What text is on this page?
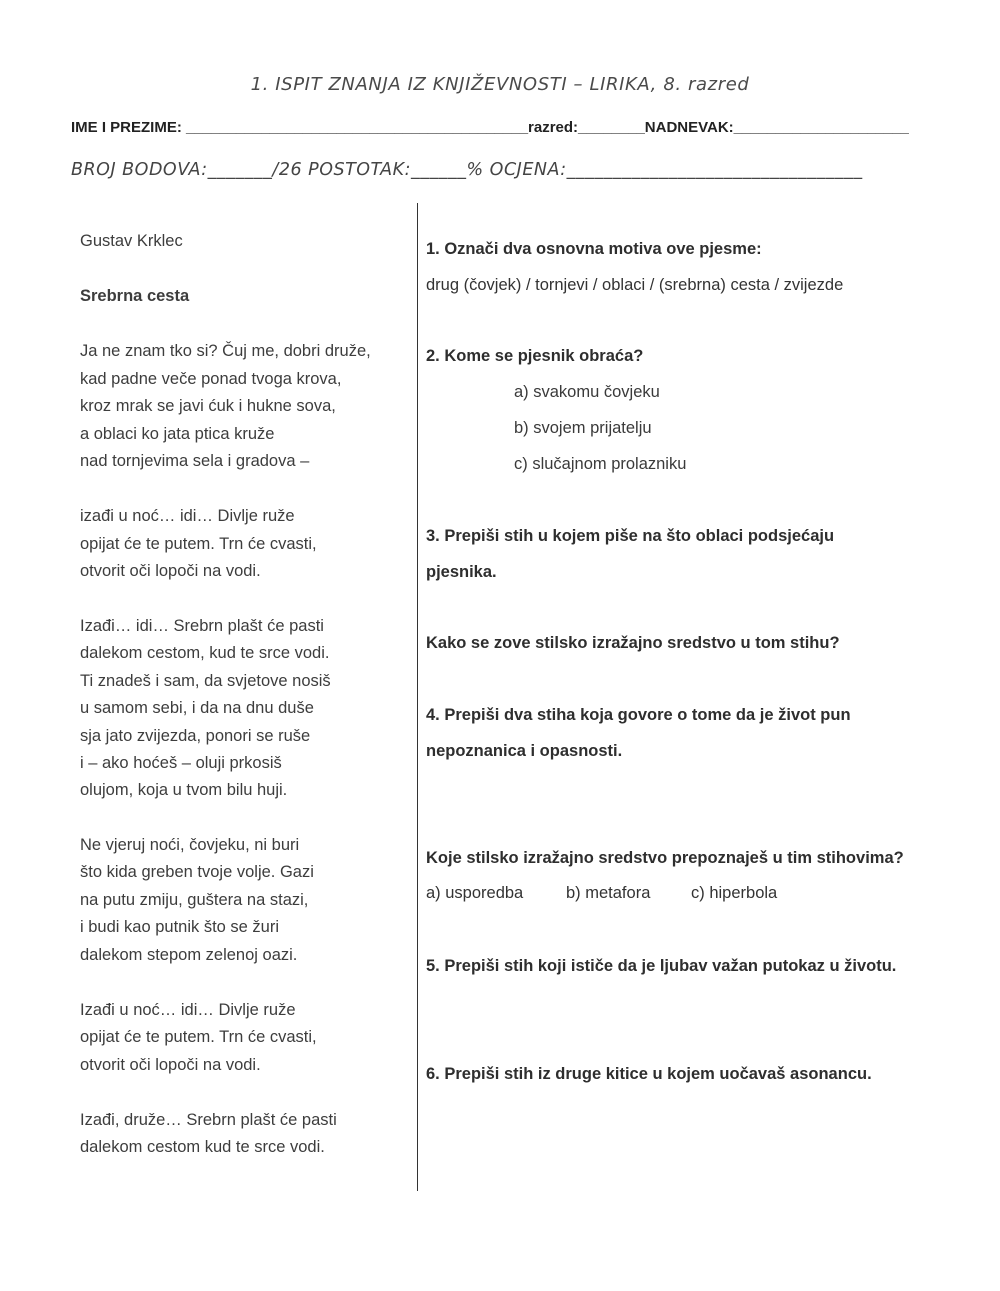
1. ISPIT ZNANJA IZ KNJIŽEVNOSTI – LIRIKA, 8. razred
IME I PREZIME: _________________________________________razred:________NADNEVAK:_____________________
BROJ BODOVA:_______/26 POSTOTAK:______% OCJENA:________________________________
Gustav Krklec
Srebrna cesta
Ja ne znam tko si? Čuj me, dobri druže,
kad padne veče ponad tvoga krova,
kroz mrak se javi ćuk i hukne sova,
a oblaci ko jata ptica kruže
nad tornjevima sela i gradova –
izađi u noć… idi… Divlje ruže
opijat će te putem. Trn će cvasti,
otvorit oči lopoči na vodi.
Izađi… idi… Srebrn plašt će pasti
dalekom cestom, kud te srce vodi.
Ti znadeš i sam, da svjetove nosiš
u samom sebi, i da na dnu duše
sja jato zvijezda, ponori se ruše
i – ako hoćeš – oluji prkosiš
olujom, koja u tvom bilu huji.
Ne vjeruj noći, čovjeku, ni buri
što kida greben tvoje volje. Gazi
na putu zmiju, guštera na stazi,
i budi kao putnik što se žuri
dalekom stepom zelenoj oazi.
Izađi u noć… idi… Divlje ruže
opijat će te putem. Trn će cvasti,
otvorit oči lopoči na vodi.
Izađi, druže… Srebrn plašt će pasti
dalekom cestom kud te srce vodi.
1. Označi dva osnovna motiva ove pjesme:
drug (čovjek) / tornjevi / oblaci / (srebrna) cesta / zvijezde
2. Kome se pjesnik obraća?
a) svakomu čovjeku
b) svojem prijatelju
c) slučajnom prolazniku
3. Prepiši stih u kojem piše na što oblaci podsjećaju
pjesnika.
Kako se zove stilsko izražajno sredstvo u tom stihu?
4. Prepiši dva stiha koja govore o tome da je život pun
nepoznanica i opasnosti.
Koje stilsko izražajno sredstvo prepoznaješ u tim stihovima?
a) usporedba	b) metafora c) hiperbola
5. Prepiši stih koji ističe da je ljubav važan putokaz u životu.
6. Prepiši stih iz druge kitice u kojem uočavaš asonancu.
